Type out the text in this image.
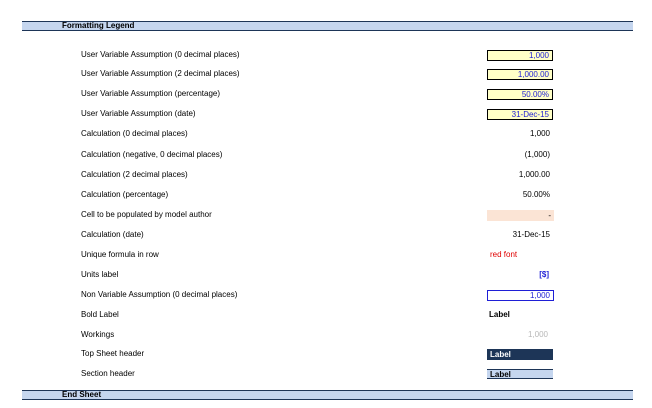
Formatting Legend
User Variable Assumption (0 decimal places)	1,000
User Variable Assumption (2 decimal places)	1,000.00
User Variable Assumption (percentage)	50.00%
User Variable Assumption (date)	31-Dec-15
Calculation (0 decimal places)	1,000
Calculation (negative, 0 decimal places)	(1,000)
Calculation (2 decimal places)	1,000.00
Calculation (percentage)	50.00%
Cell to be populated by model author	-
Calculation (date)	31-Dec-15
Unique formula in row	red font
Units label	[$]
Non Variable Assumption (0 decimal places)	1,000
Bold Label	Label
Workings	1,000
Top Sheet header	Label
Section header	Label
End Sheet
